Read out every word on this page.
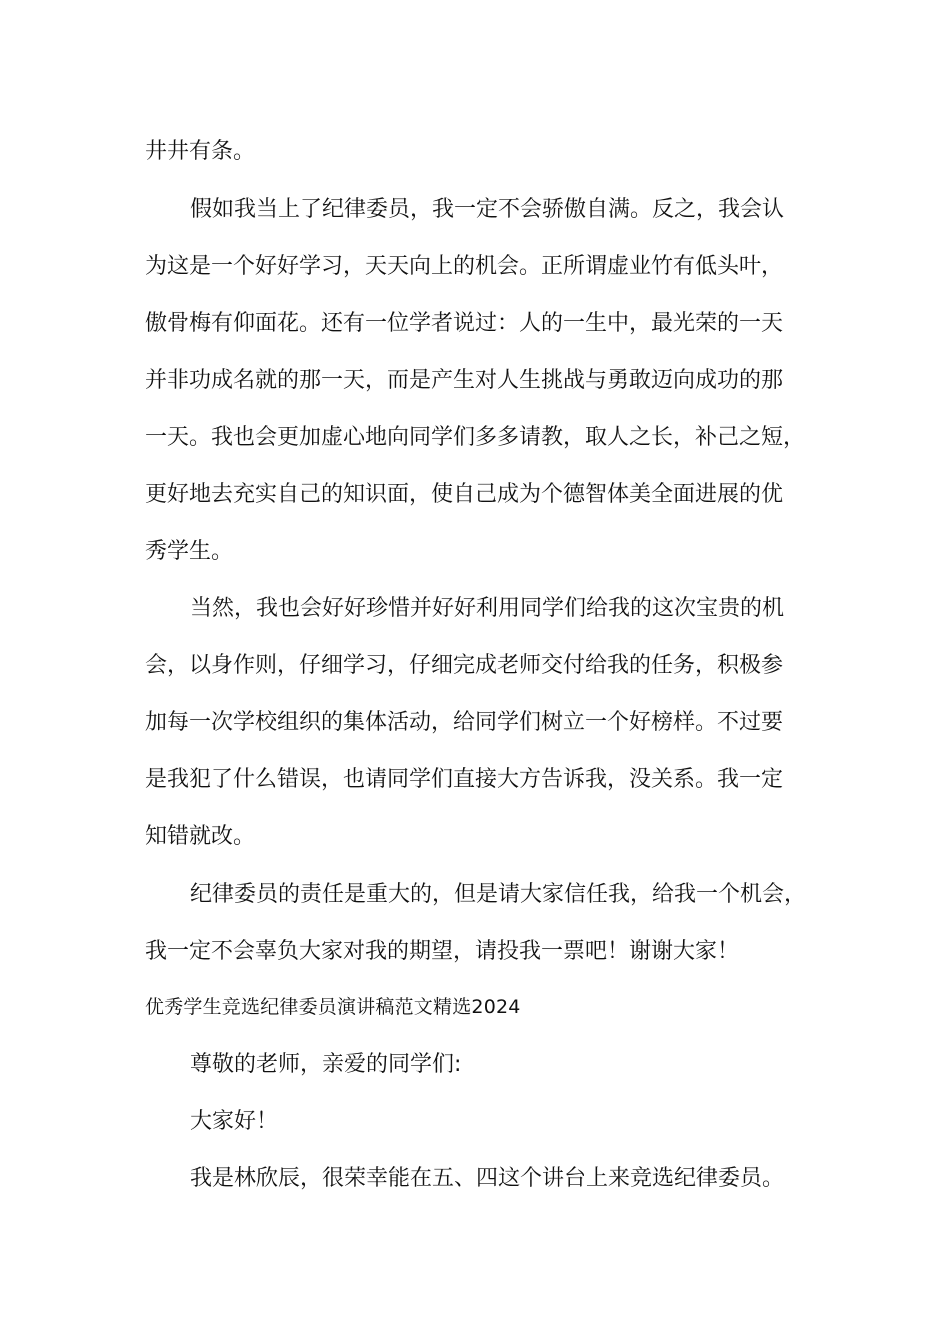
井井有条。
假如我当上了纪律委员，我一定不会骄傲自满。反之，我会认
为这是一个好好学习，天天向上的机会。正所谓虚业竹有低头叶，
傲骨梅有仰面花。还有一位学者说过：人的一生中，最光荣的一天
并非功成名就的那一天，而是产生对人生挑战与勇敢迈向成功的那
一天。我也会更加虚心地向同学们多多请教，取人之长，补己之短，
更好地去充实自己的知识面，使自己成为个德智体美全面进展的优
秀学生。
当然，我也会好好珍惜并好好利用同学们给我的这次宝贵的机
会，以身作则，仔细学习，仔细完成老师交付给我的任务，积极参
加每一次学校组织的集体活动，给同学们树立一个好榜样。不过要
是我犯了什么错误，也请同学们直接大方告诉我，没关系。我一定
知错就改。
纪律委员的责任是重大的，但是请大家信任我，给我一个机会，
我一定不会辜负大家对我的期望，请投我一票吧！谢谢大家！
优秀学生竞选纪律委员演讲稿范文精选2024
尊敬的老师，亲爱的同学们:
大家好！
我是林欣辰，很荣幸能在五、四这个讲台上来竞选纪律委员。
